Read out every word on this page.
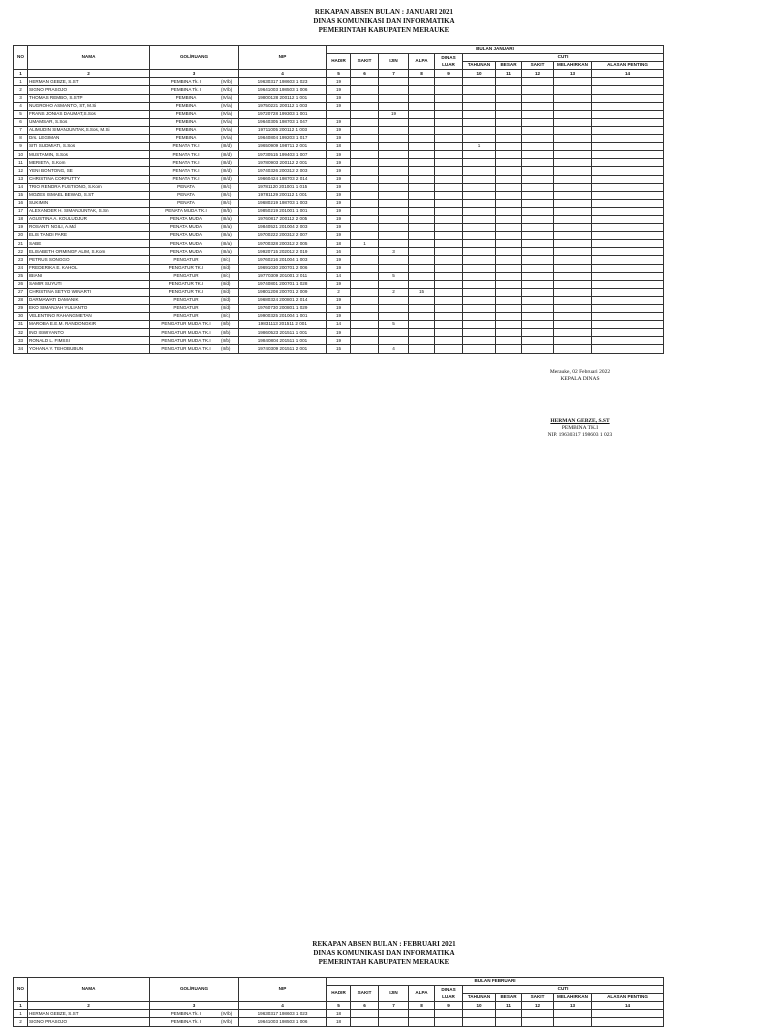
REKAPAN ABSEN BULAN : JANUARI 2021
DINAS KOMUNIKASI DAN INFORMATIKA
PEMERINTAH KABUPATEN MERAUKE
NO	NAMA	GOL/RUANG	NIP	BULAN JANUARI									
				HADIR	SAKIT	IJIN	ALPA	DINAS LUAR	CUTI				
									TAHUNAN	BESAR	SAKIT	MELAHIRKAN	ALASAN PENTING
1	2	3	4	5	6	7	8	9	10	11	12	13	14
1	HERMAN GEBZE, S.ST	PEMBINA Tk. I (IV/b)	19630317 198603 1 023	19									
2	SIGNO PRASOJO	PEMBINA Tk. I (IV/b)	19641003 198503 1 006	19									
3	THOMAS REMBO, S.STP	PEMBINA (IV/a)	19800128 200112 1 001	19									
4	NUGROHO ASMANTO, ST, M.Si	PEMBINA (IV/a)	19750221 200112 1 003	19									
5	FRANS JONIAS DAUMAT,S.Sos	PEMBINA (IV/a)	19720728 199303 1 001			19							
6	UMAMSAR, S.Sos	PEMBINA (IV/a)	19640305 198703 1 047	19									
7	ALIMUDIN SIMANJUNTAK,S.Sos, M.Si	PEMBINA (IV/a)	19711005 200112 1 003	19									
8	Drs. LEGIMAN	PEMBINA (IV/a)	19640804 199203 1 017	19									
9	SITI SUDMIATI, S.Sos	PENATA TK.I (III/d)	19650909 198711 2 001	18					1				
10	MUSTAMIN, S.Sos	PENATA TK.I (III/d)	19730515 199403 1 007	19									
11	MERIETA, S.Kom	PENATA TK.I (III/d)	19780903 200112 2 001	19									
12	YENI BONTONG, SE	PENATA TK.I (III/d)	19740326 200312 2 003	19									
13	CHRISTINA CORPUTTY	PENATA TK.I (III/d)	19660424 198703 2 014	19									
14	TRIO RENDRA FUSTIONO, S.Kom	PENATA (III/c)	19781120 201001 1 015	19									
15	MOZES ISMAEL BEWAD, S.ST	PENATA (III/c)	19781129 200112 1 001	19									
16	SUKIMIN	PENATA (III/c)	19680219 198703 1 003	19									
17	ALEXANDER H. SIMANJUNTAK, S.Sn	PENATA MUDA TK.I (III/b)	19850219 201001 1 001	19									
18	AGUSTINA A. KOULUDJUR	PENATA MUDA (III/a)	19760817 200112 2 005	19									
19	ROSANTI NGILI, A.Md	PENATA MUDA (III/a)	19840521 201004 2 003	19									
20	ELIS TANDI PARE	PENATA MUDA (III/a)	19700222 200312 2 007	19									
21	SABE	PENATA MUDA (III/a)	19700328 200312 2 005	18	1								
22	ELISABETH ORMINGF ALIM, S.Kom	PENATA MUDA (III/a)	19920715 202012 2 019	16		3							
23	PETRUS SONGGO	PENGATUR (II/c)	19760216 201004 1 003	19									
24	FREDERIKA E. KAHOL	PENGATUR TK.I (II/d)	19691030 200701 2 006	19									
25	IBIANI	PENGATUR (II/c)	19770309 201001 2 011	14		5							
26	SAMIR SUYUTI	PENGATUR TK.I (II/d)	19740801 200701 1 028	19									
27	CHRISTINA SETYO WINARTI	PENGATUR TK.I (II/d)	19801208 200701 2 009	2		2	15						
28	DARMAWATI DAMANIK	PENGATUR (II/d)	19680324 200801 2 014	19									
29	EKO SIMANJAH YULIANTO	PENGATUR (II/d)	19760730 200801 1 029	19									
30	VELENTINO RAHANGMETAN	PENGATUR (II/c)	19900325 201004 1 001	19									
31	MAROBA E.E.M. RANDONGKIR	PENGATUR MUDA TK.I (II/b)	19831113 201511 2 001	14		5							
32	INO ISWIYANTO	PENGATUR MUDA TK.I (II/b)	19860523 201511 1 001	19									
33	RONALD L. FIMSSI	PENGATUR MUDA TK.I (II/b)	19840804 201511 1 001	19									
34	YOHANA Y. TEHOBUBUN	PENGATUR MUDA TK.I (II/b)	19740309 201511 2 001	15		4							
Merauke, 02 Februari 2022
KEPALA DINAS
HERMAN GEBZE, S.ST
PEMBINA TK.I
NIP. 19630317 198603 1 023
REKAPAN ABSEN BULAN : FEBRUARI 2021
DINAS KOMUNIKASI DAN INFORMATIKA
PEMERINTAH KABUPATEN MERAUKE
NO	NAMA	GOL/RUANG	NIP	BULAN FEBRUARI									
				HADIR	SAKIT	IJIN	ALPA	DINAS LUAR	CUTI				
									TAHUNAN	BESAR	SAKIT	MELAHIRKAN	ALASAN PENTING
1	2	3	4	5	6	7	8	9	10	11	12	13	14
1	HERMAN GEBZE, S.ST	PEMBINA Tk. I (IV/b)	19630317 198603 1 023	18									
2	SIGNO PRASOJO	PEMBINA Tk. I (IV/b)	19641003 198503 1 006	18									
